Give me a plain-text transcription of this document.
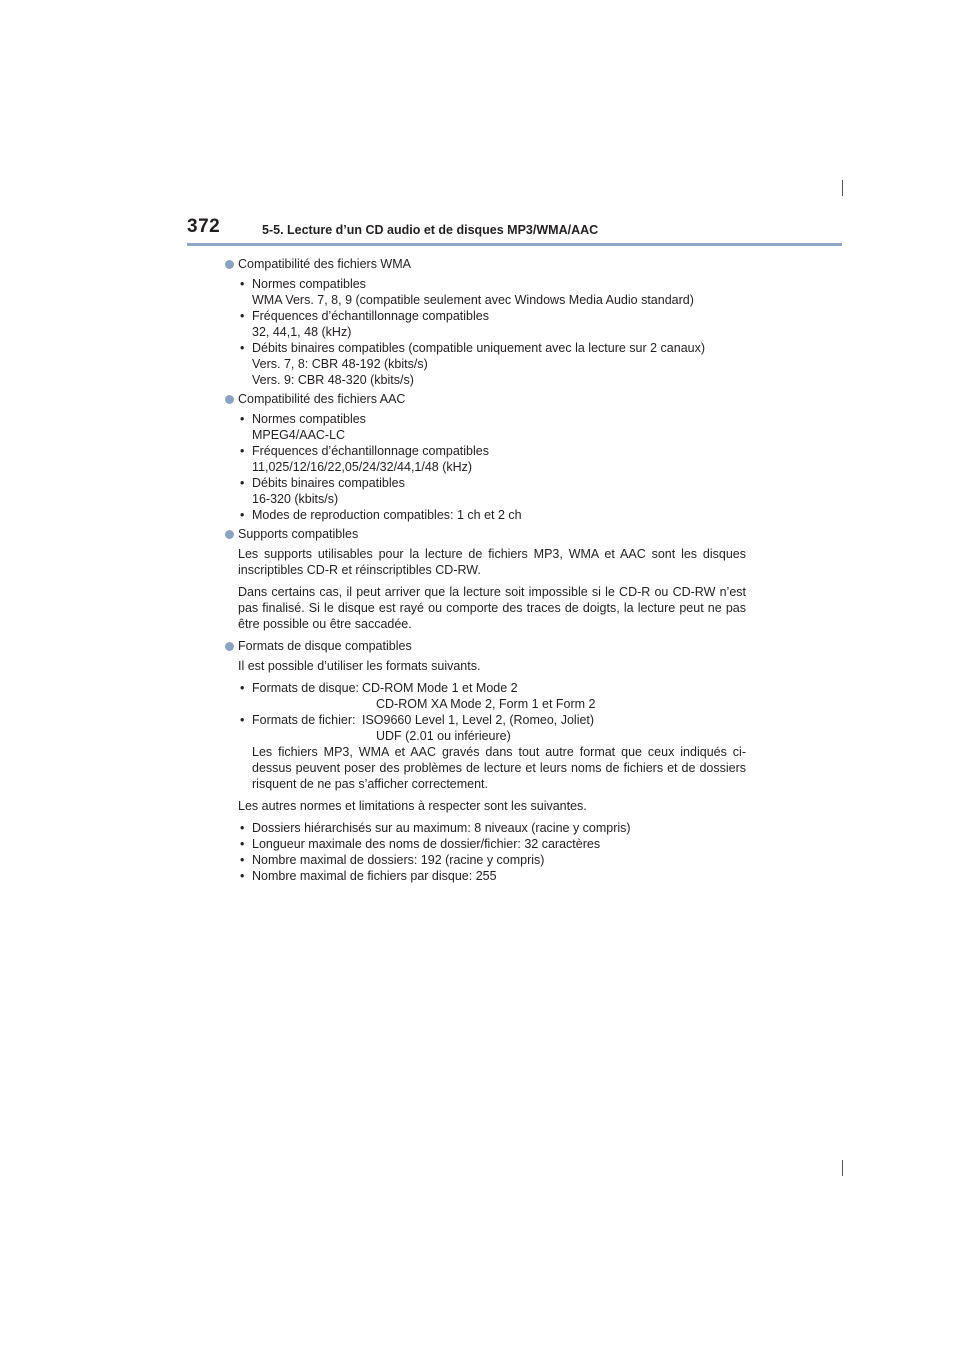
372	5-5. Lecture d’un CD audio et de disques MP3/WMA/AAC
Compatibilité des fichiers WMA
• Normes compatibles
WMA Vers. 7, 8, 9 (compatible seulement avec Windows Media Audio standard)
• Fréquences d’échantillonnage compatibles
32, 44,1, 48 (kHz)
• Débits binaires compatibles (compatible uniquement avec la lecture sur 2 canaux)
Vers. 7, 8: CBR 48-192 (kbits/s)
Vers. 9: CBR 48-320 (kbits/s)
Compatibilité des fichiers AAC
• Normes compatibles
MPEG4/AAC-LC
• Fréquences d’échantillonnage compatibles
11,025/12/16/22,05/24/32/44,1/48 (kHz)
• Débits binaires compatibles
16-320 (kbits/s)
• Modes de reproduction compatibles: 1 ch et 2 ch
Supports compatibles

Les supports utilisables pour la lecture de fichiers MP3, WMA et AAC sont les disques inscriptibles CD-R et réinscriptibles CD-RW.

Dans certains cas, il peut arriver que la lecture soit impossible si le CD-R ou CD-RW n’est pas finalisé. Si le disque est rayé ou comporte des traces de doigts, la lecture peut ne pas être possible ou être saccadée.

Formats de disque compatibles

Il est possible d’utiliser les formats suivants.

• Formats de disque: CD-ROM Mode 1 et Mode 2
CD-ROM XA Mode 2, Form 1 et Form 2
• Formats de fichier: ISO9660 Level 1, Level 2, (Romeo, Joliet)
UDF (2.01 ou inférieure)

Les fichiers MP3, WMA et AAC gravés dans tout autre format que ceux indiqués ci-dessus peuvent poser des problèmes de lecture et leurs noms de fichiers et de dossiers risquent de ne pas s’afficher correctement.

Les autres normes et limitations à respecter sont les suivantes.

• Dossiers hiérarchisés sur au maximum: 8 niveaux (racine y compris)
• Longueur maximale des noms de dossier/fichier: 32 caractères
• Nombre maximal de dossiers: 192 (racine y compris)
• Nombre maximal de fichiers par disque: 255
